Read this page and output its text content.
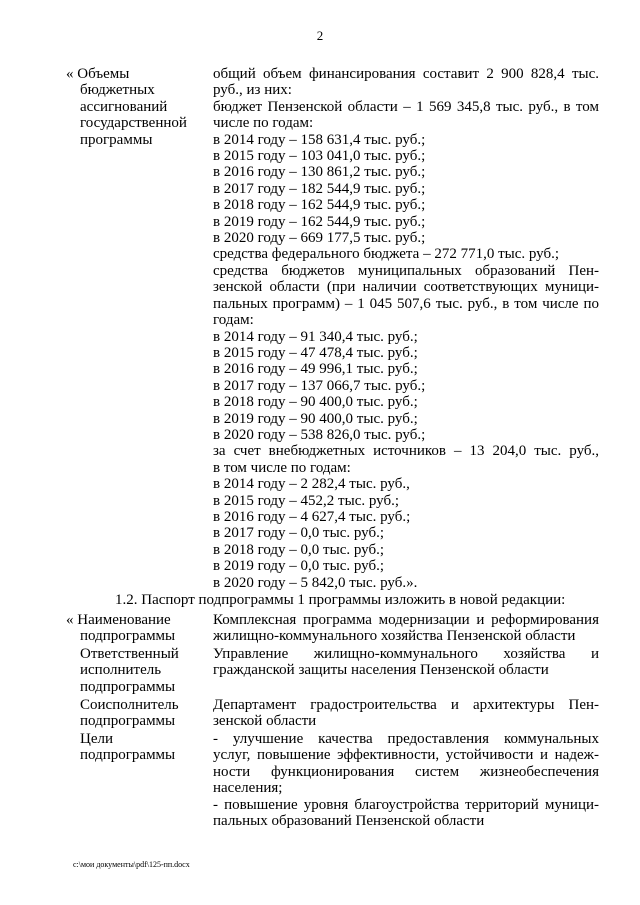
2
« Объемы
бюджетных
ассигнований
государственной
программы
общий объем финансирования составит 2 900 828,4 тыс.
руб., из них:
бюджет Пензенской области – 1 569 345,8 тыс. руб., в том
числе по годам:
в 2014 году – 158 631,4 тыс. руб.;
в 2015 году – 103 041,0 тыс. руб.;
в 2016 году – 130 861,2 тыс. руб.;
в 2017 году – 182 544,9 тыс. руб.;
в 2018 году – 162 544,9 тыс. руб.;
в 2019 году – 162 544,9 тыс. руб.;
в 2020 году – 669 177,5 тыс. руб.;
средства федерального бюджета – 272 771,0 тыс. руб.;
средства бюджетов муниципальных образований Пен-
зенской области (при наличии соответствующих муници-
пальных программ) – 1 045 507,6 тыс. руб., в том числе по
годам:
в 2014 году – 91 340,4 тыс. руб.;
в 2015 году – 47 478,4 тыс. руб.;
в 2016 году – 49 996,1 тыс. руб.;
в 2017 году – 137 066,7 тыс. руб.;
в 2018 году – 90 400,0 тыс. руб.;
в 2019 году – 90 400,0 тыс. руб.;
в 2020 году – 538 826,0 тыс. руб.;
за счет внебюджетных источников – 13 204,0 тыс. руб.,
в том числе по годам:
в 2014 году – 2 282,4 тыс. руб.,
в 2015 году – 452,2 тыс. руб.;
в 2016 году – 4 627,4 тыс. руб.;
в 2017 году – 0,0 тыс. руб.;
в 2018 году – 0,0 тыс. руб.;
в 2019 году – 0,0 тыс. руб.;
в 2020 году – 5 842,0 тыс. руб.».
1.2. Паспорт подпрограммы 1 программы изложить в новой редакции:
« Наименование
подпрограммы
Комплексная программа модернизации и реформирования
жилищно-коммунального хозяйства Пензенской области
Ответственный
исполнитель
подпрограммы
Управление жилищно-коммунального хозяйства и
гражданской защиты населения Пензенской области
Соисполнитель
подпрограммы
Департамент градостроительства и архитектуры Пен-
зенской области
Цели
подпрограммы
- улучшение качества предоставления коммунальных
услуг, повышение эффективности, устойчивости и надеж-
ности функционирования систем жизнеобеспечения
населения;
- повышение уровня благоустройства территорий муници-
пальных образований Пензенской области
c:\мои документы\pdf\125-пп.docx
